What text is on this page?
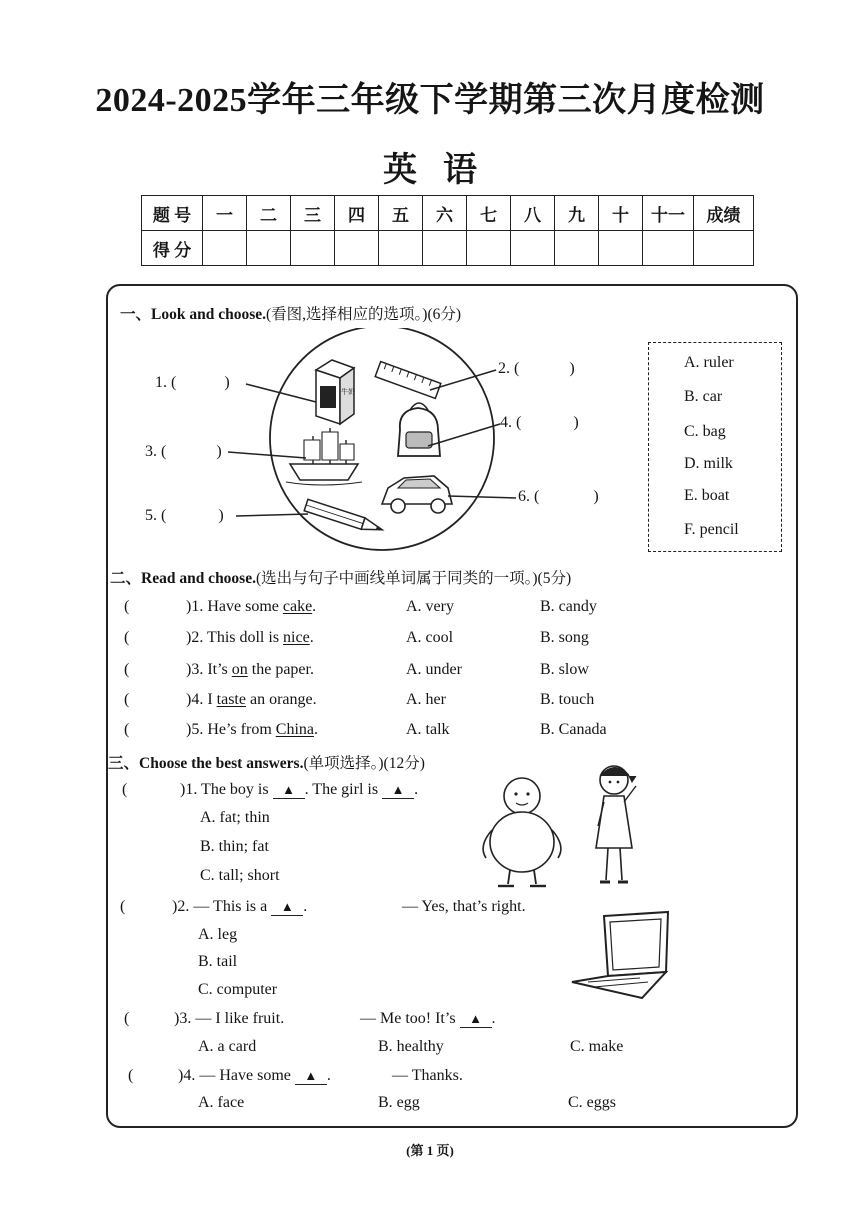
2024-2025学年三年级下学期第三次月度检测
英语
题 号	一	二	三	四	五	六	七	八	九	十	十一	成绩
得 分												
一、Look and choose.(看图,选择相应的选项。)(6分)
牛奶
1. (	)
2. (	)
3. (	)
4. (	)
5. (	)
6. (	)
A. ruler
B. car
C. bag
D. milk
E. boat
F. pencil
二、Read and choose.(选出与句子中画线单词属于同类的一项。)(5分)
(	)1. Have some cake.	A. very	B. candy
(	)2. This doll is nice.	A. cool	B. song
(	)3. It’s on the paper.	A. under	B. slow
(	)4. I taste an orange.	A. her	B. touch
(	)5. He’s from China.	A. talk	B. Canada
三、Choose the best answers.(单项选择。)(12分)
(	)1. The boy is ▲ . The girl is ▲ .
A. fat; thin
B. thin; fat
C. tall; short
(	)2. — This is a ▲ .	— Yes, that’s right.
A. leg
B. tail
C. computer
(	)3. — I like fruit.	— Me too! It’s ▲ .
A. a card	B. healthy	C. make
(	)4. — Have some ▲ .	— Thanks.
A. face	B. egg	C. eggs
(第 1 页)
